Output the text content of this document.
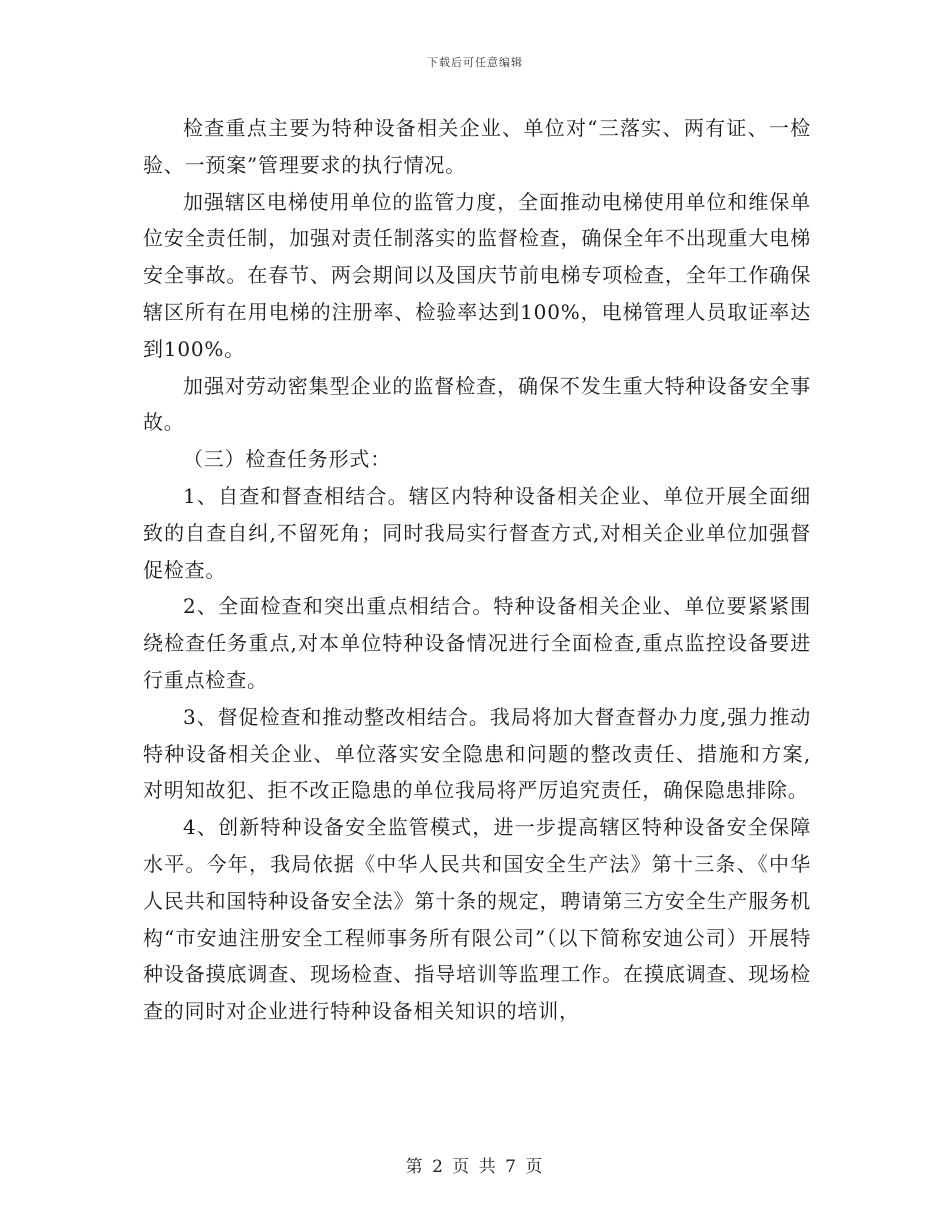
下载后可任意编辑

检查重点主要为特种设备相关企业、单位对“三落实、两有证、一检验、一预案”管理要求的执行情况。

加强辖区电梯使用单位的监管力度，全面推动电梯使用单位和维保单位安全责任制，加强对责任制落实的监督检查，确保全年不出现重大电梯安全事故。在春节、两会期间以及国庆节前电梯专项检查，全年工作确保辖区所有在用电梯的注册率、检验率达到100%，电梯管理人员取证率达到100%。

加强对劳动密集型企业的监督检查，确保不发生重大特种设备安全事故。

（三）检查任务形式：

1、自查和督查相结合。辖区内特种设备相关企业、单位开展全面细致的自查自纠,不留死角；同时我局实行督查方式,对相关企业单位加强督促检查。

2、全面检查和突出重点相结合。特种设备相关企业、单位要紧紧围绕检查任务重点,对本单位特种设备情况进行全面检查,重点监控设备要进行重点检查。

3、督促检查和推动整改相结合。我局将加大督查督办力度,强力推动特种设备相关企业、单位落实安全隐患和问题的整改责任、措施和方案,对明知故犯、拒不改正隐患的单位我局将严厉追究责任，确保隐患排除。

4、创新特种设备安全监管模式，进一步提高辖区特种设备安全保障水平。今年，我局依据《中华人民共和国安全生产法》第十三条、《中华人民共和国特种设备安全法》第十条的规定，聘请第三方安全生产服务机构“市安迪注册安全工程师事务所有限公司”（以下简称安迪公司）开展特种设备摸底调查、现场检查、指导培训等监理工作。在摸底调查、现场检查的同时对企业进行特种设备相关知识的培训，

第 2 页 共 7 页
